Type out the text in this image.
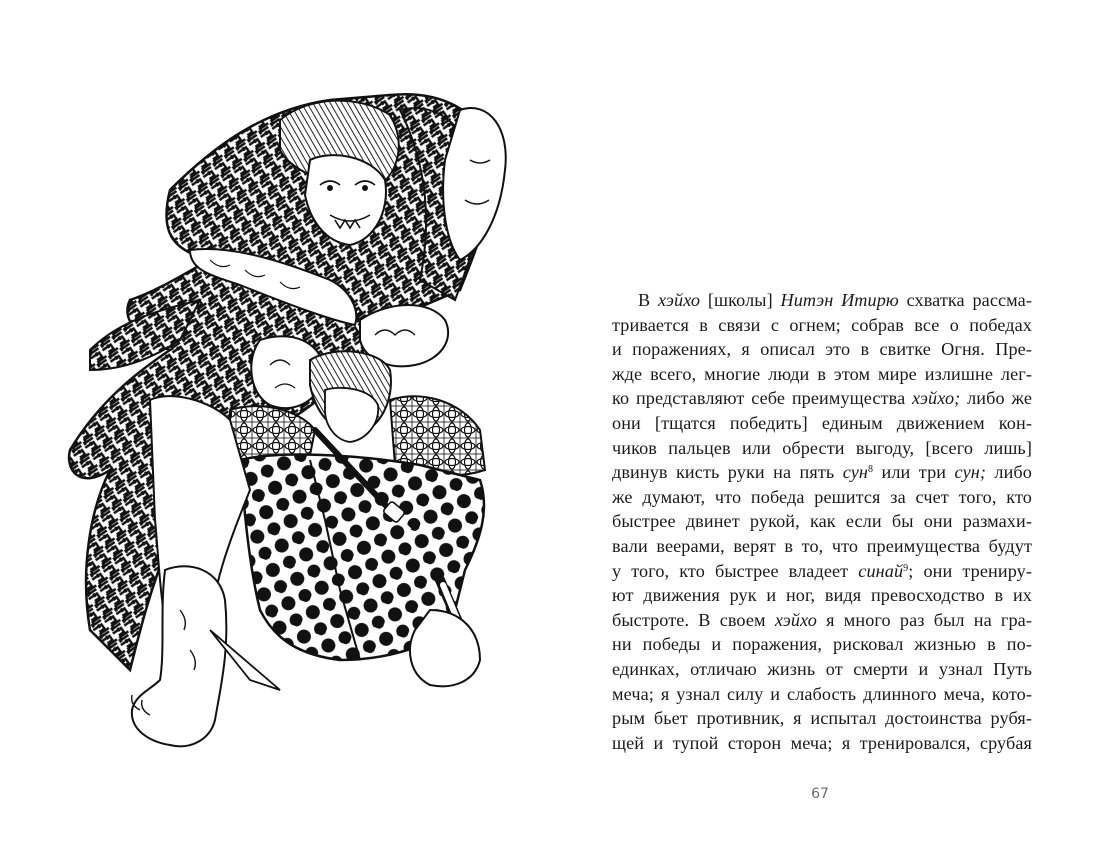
В хэйхо [школы] Нитэн Итирю схватка рассма-
тривается в связи с огнем; собрав все о победах
и поражениях, я описал это в свитке Огня. Пре-
жде всего, многие люди в этом мире излишне лег-
ко представляют себе преимущества хэйхо; либо же
они [тщатся победить] единым движением кон-
чиков пальцев или обрести выгоду, [всего лишь]
двинув кисть руки на пять сун$^8$ или три сун; либо
же думают, что победа решится за счет того, кто
быстрее двинет рукой, как если бы они размахи-
вали веерами, верят в то, что преимущества будут
у того, кто быстрее владеет синай$^9$; они трениру-
ют движения рук и ног, видя превосходство в их
быстроте. В своем хэйхо я много раз был на гра-
ни победы и поражения, рисковал жизнью в по-
единках, отличаю жизнь от смерти и узнал Путь
меча; я узнал силу и слабость длинного меча, кото-
рым бьет противник, я испытал достоинства рубя-
щей и тупой сторон меча; я тренировался, срубая

67
